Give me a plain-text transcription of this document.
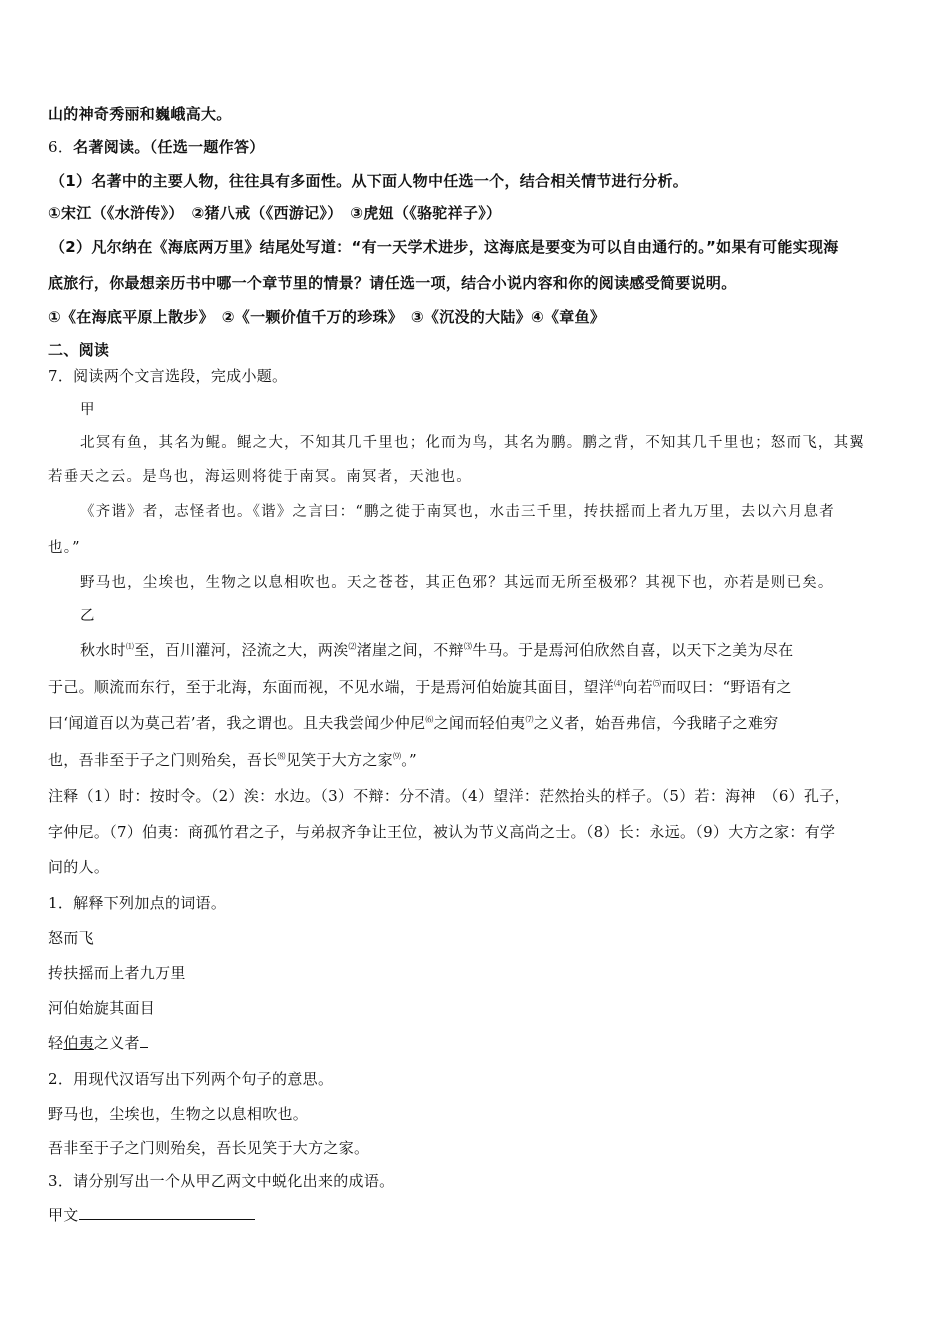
山的神奇秀丽和巍峨高大。
6．名著阅读。（任选一题作答）
（1）名著中的主要人物，往往具有多面性。从下面人物中任选一个，结合相关情节进行分析。
①宋江（《水浒传》）　②猪八戒（《西游记》）　③虎妞（《骆驼祥子》）
（2）凡尔纳在《海底两万里》结尾处写道：“有一天学术进步，这海底是要变为可以自由通行的。”如果有可能实现海
底旅行，你最想亲历书中哪一个章节里的情景？请任选一项，结合小说内容和你的阅读感受简要说明。
①《在海底平原上散步》　②《一颗价值千万的珍珠》　③《沉没的大陆》④《章鱼》
二、阅读
7．阅读两个文言选段，完成小题。
甲
北冥有鱼，其名为鲲。鲲之大，不知其几千里也；化而为鸟，其名为鹏。鹏之背，不知其几千里也；怒而飞，其翼
若垂天之云。是鸟也，海运则将徙于南冥。南冥者，天池也。
《齐谐》者，志怪者也。《谐》之言曰：“鹏之徙于南冥也，水击三千里，抟扶摇而上者九万里，去以六月息者
也。”
野马也，尘埃也，生物之以息相吹也。天之苍苍，其正色邪？其远而无所至极邪？其视下也，亦若是则已矣。
乙
秋水时⑴至，百川灌河，泾流之大，两涘⑵渚崖之间，不辩⑶牛马。于是焉河伯欣然自喜，以天下之美为尽在
于己。顺流而东行，至于北海，东面而视，不见水端，于是焉河伯始旋其面目，望洋⑷向若⑸而叹曰：“野语有之
曰‘闻道百以为莫己若’者，我之谓也。且夫我尝闻少仲尼⑹之闻而轻伯夷⑺之义者，始吾弗信，今我睹子之难穷
也，吾非至于子之门则殆矣，吾长⑻见笑于大方之家⑼。”
注释（1）时：按时令。（2）涘：水边。（3）不辩：分不清。（4）望洋：茫然抬头的样子。（5）若：海神　（6）孔子，
字仲尼。（7）伯夷：商孤竹君之子，与弟叔齐争让王位，被认为节义高尚之士。（8）长：永远。（9）大方之家：有学
问的人。
1．解释下列加点的词语。
怒而飞
抟扶摇而上者九万里
河伯始旋其面目
轻伯夷之义者
2．用现代汉语写出下列两个句子的意思。
野马也，尘埃也，生物之以息相吹也。
吾非至于子之门则殆矣，吾长见笑于大方之家。
3．请分别写出一个从甲乙两文中蜕化出来的成语。
甲文
